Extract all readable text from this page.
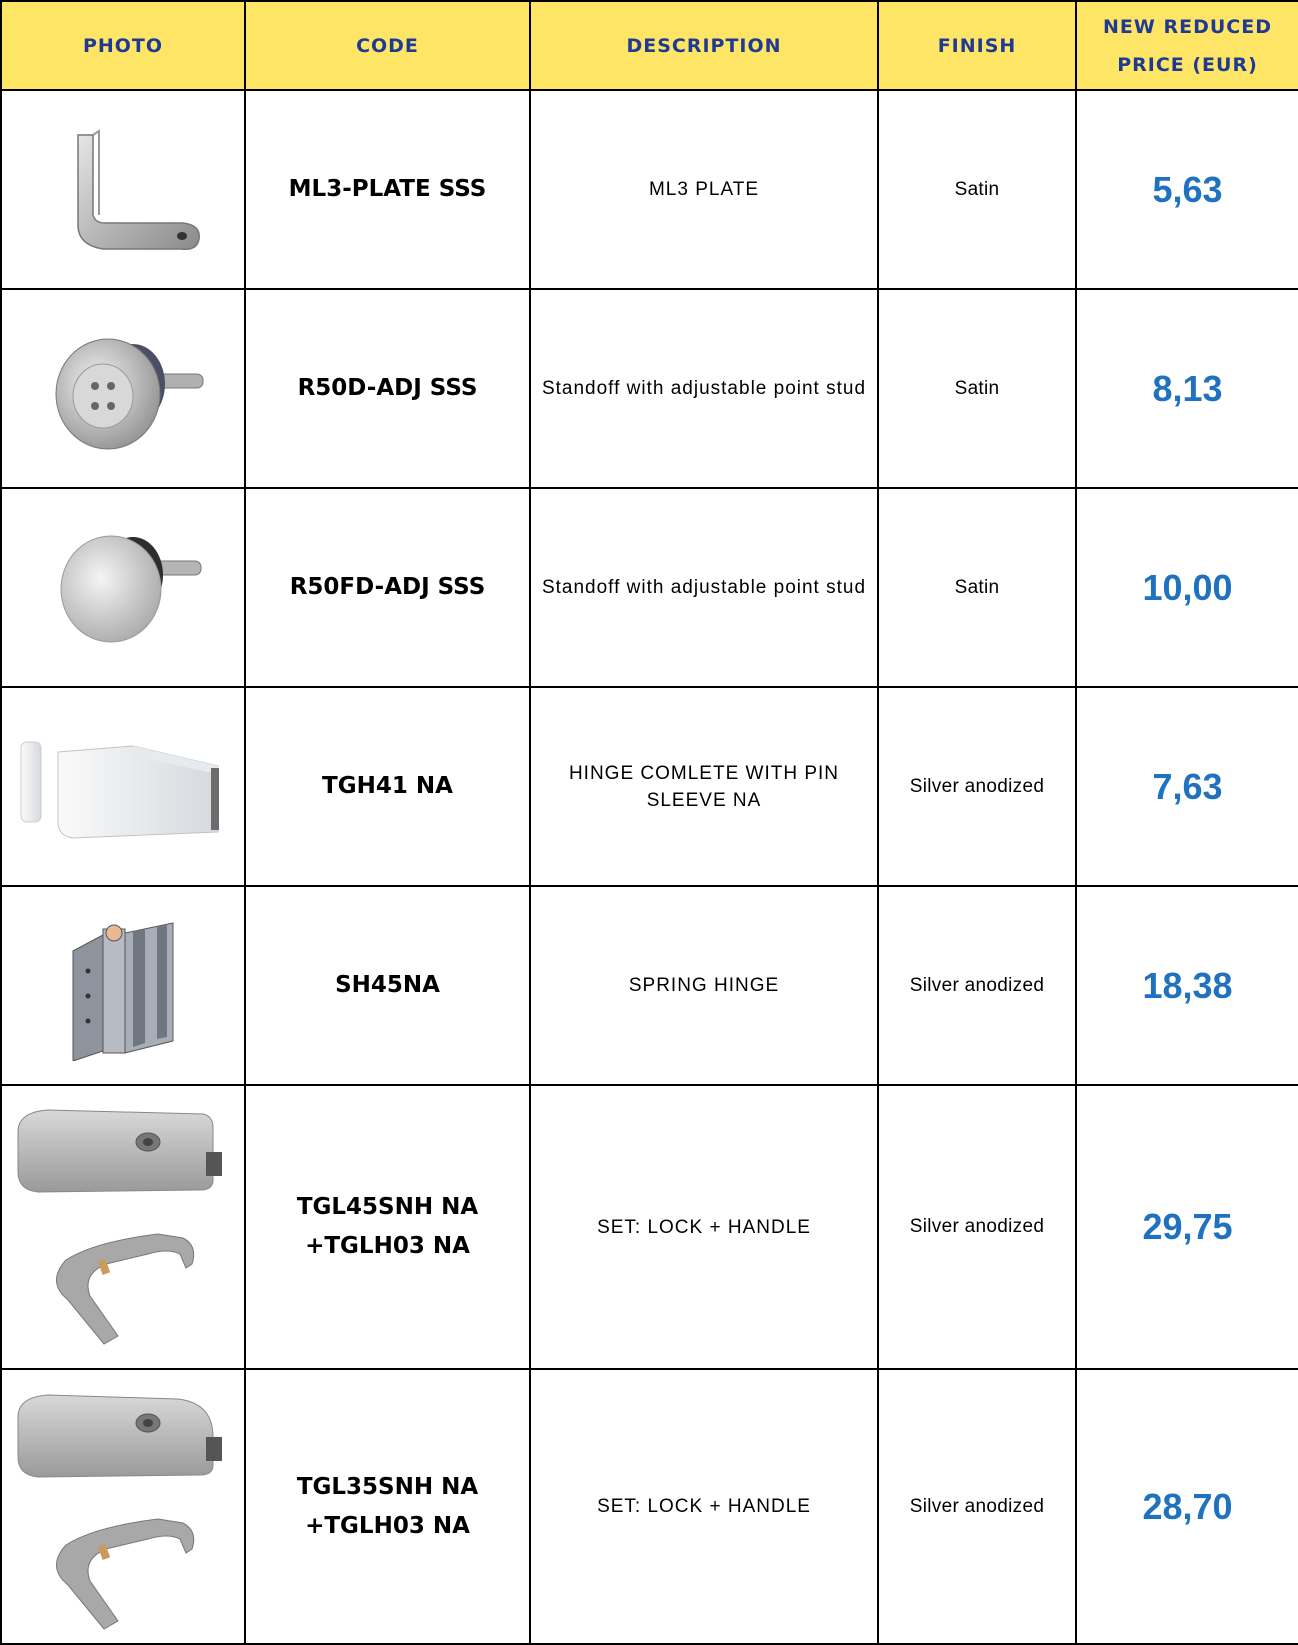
PHOTO	CODE	DESCRIPTION	FINISH	NEW REDUCED
PRICE (EUR)

ML3-PLATE SSS	ML3 PLATE	Satin	5,63

R50D-ADJ SSS	Standoff with adjustable point stud	Satin	8,13

R50FD-ADJ SSS	Standoff with adjustable point stud	Satin	10,00

TGH41 NA	HINGE COMLETE WITH PIN SLEEVE NA	Silver anodized	7,63

SH45NA	SPRING HINGE	Silver anodized	18,38

TGL45SNH NA
+TGLH03 NA	SET: LOCK + HANDLE	Silver anodized	29,75

TGL35SNH NA
+TGLH03 NA	SET: LOCK + HANDLE	Silver anodized	28,70
